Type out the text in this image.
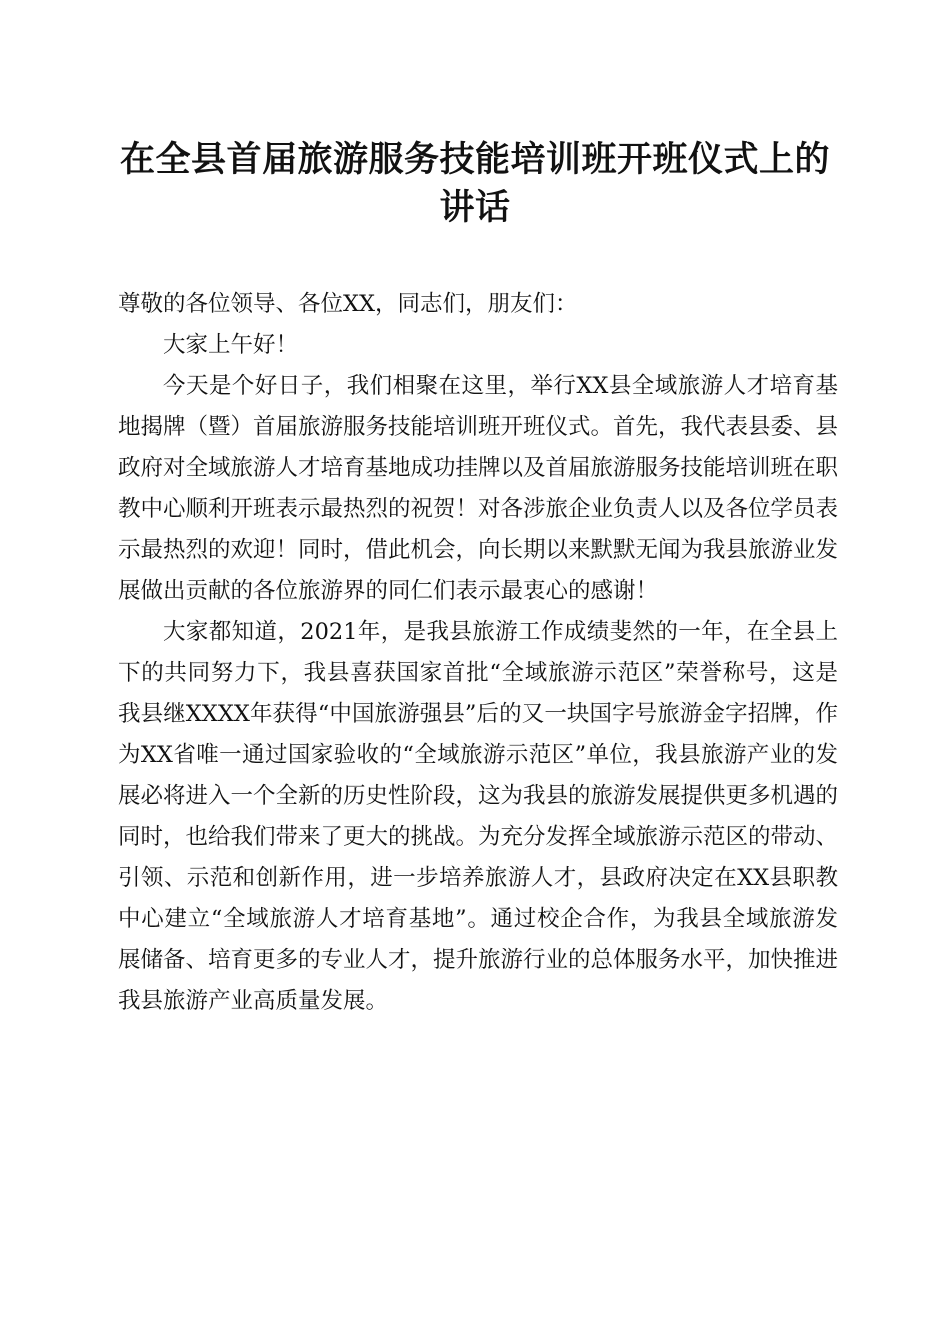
在全县首届旅游服务技能培训班开班仪式上的
讲话

尊敬的各位领导、各位XX，同志们，朋友们：

大家上午好！

今天是个好日子，我们相聚在这里，举行XX县全域旅游人才培育基地揭牌（暨）首届旅游服务技能培训班开班仪式。首先，我代表县委、县政府对全域旅游人才培育基地成功挂牌以及首届旅游服务技能培训班在职教中心顺利开班表示最热烈的祝贺！对各涉旅企业负责人以及各位学员表示最热烈的欢迎！同时，借此机会，向长期以来默默无闻为我县旅游业发展做出贡献的各位旅游界的同仁们表示最衷心的感谢！

大家都知道，2021年，是我县旅游工作成绩斐然的一年，在全县上下的共同努力下，我县喜获国家首批“全域旅游示范区”荣誉称号，这是我县继XXXX年获得“中国旅游强县”后的又一块国字号旅游金字招牌，作为XX省唯一通过国家验收的“全域旅游示范区”单位，我县旅游产业的发展必将进入一个全新的历史性阶段，这为我县的旅游发展提供更多机遇的同时，也给我们带来了更大的挑战。为充分发挥全域旅游示范区的带动、引领、示范和创新作用，进一步培养旅游人才，县政府决定在XX县职教中心建立“全域旅游人才培育基地”。通过校企合作，为我县全域旅游发展储备、培育更多的专业人才，提升旅游行业的总体服务水平，加快推进我县旅游产业高质量发展。
